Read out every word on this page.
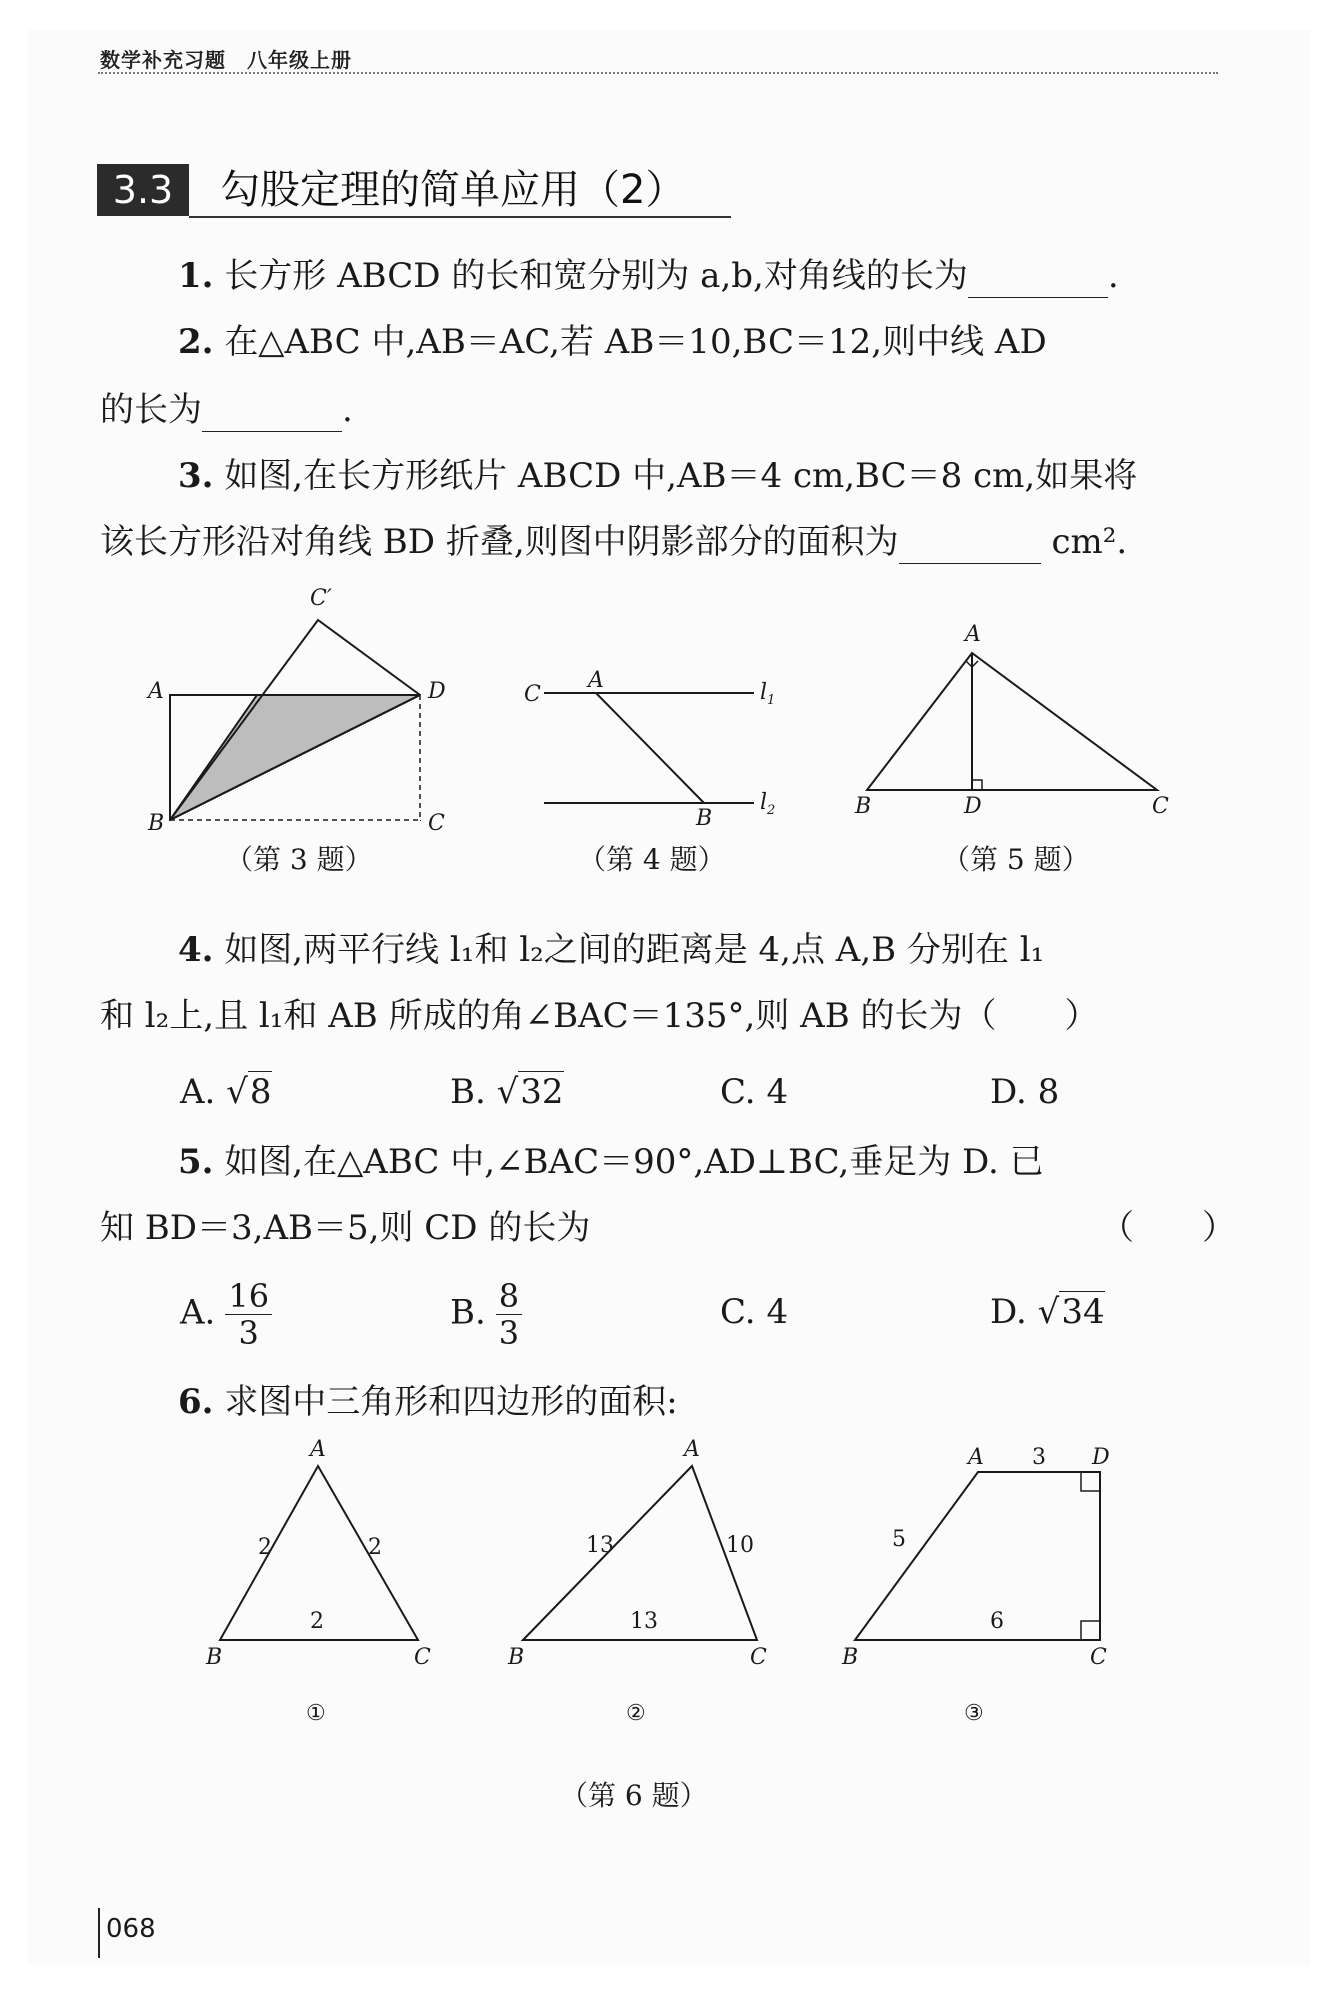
数学补充习题　八年级上册
3.3	勾股定理的简单应用（2）
1. 长方形 ABCD 的长和宽分别为 a,b,对角线的长为	.
2. 在△ABC 中,AB＝AC,若 AB＝10,BC＝12,则中线 AD
的长为	.
3. 如图,在长方形纸片 ABCD 中,AB＝4 cm,BC＝8 cm,如果将
该长方形沿对角线 BD 折叠,则图中阴影部分的面积为	cm².
A
B	C
D
C′
（第 3 题）
C
A
B
$l_1$
$l_2$
（第 4 题）
A
B	D	C
（第 5 题）
4. 如图,两平行线 l₁和 l₂之间的距离是 4,点 A,B 分别在 l₁
和 l₂上,且 l₁和 AB 所成的角∠BAC＝135°,则 AB 的长为（　　）
A. √8	B. √32	C. 4	D. 8
5. 如图,在△ABC 中,∠BAC＝90°,AD⊥BC,垂足为 D. 已
知 BD＝3,AB＝5,则 CD 的长为	（　　）
A. $\frac{16}{3}$	B. $\frac{8}{3}$	C. 4	D. √34
6. 求图中三角形和四边形的面积:
A
B	C
2	2
2
①
A
B	C
13	10
13
②
A	D
B	C
3
5
6
③
（第 6 题）
068
